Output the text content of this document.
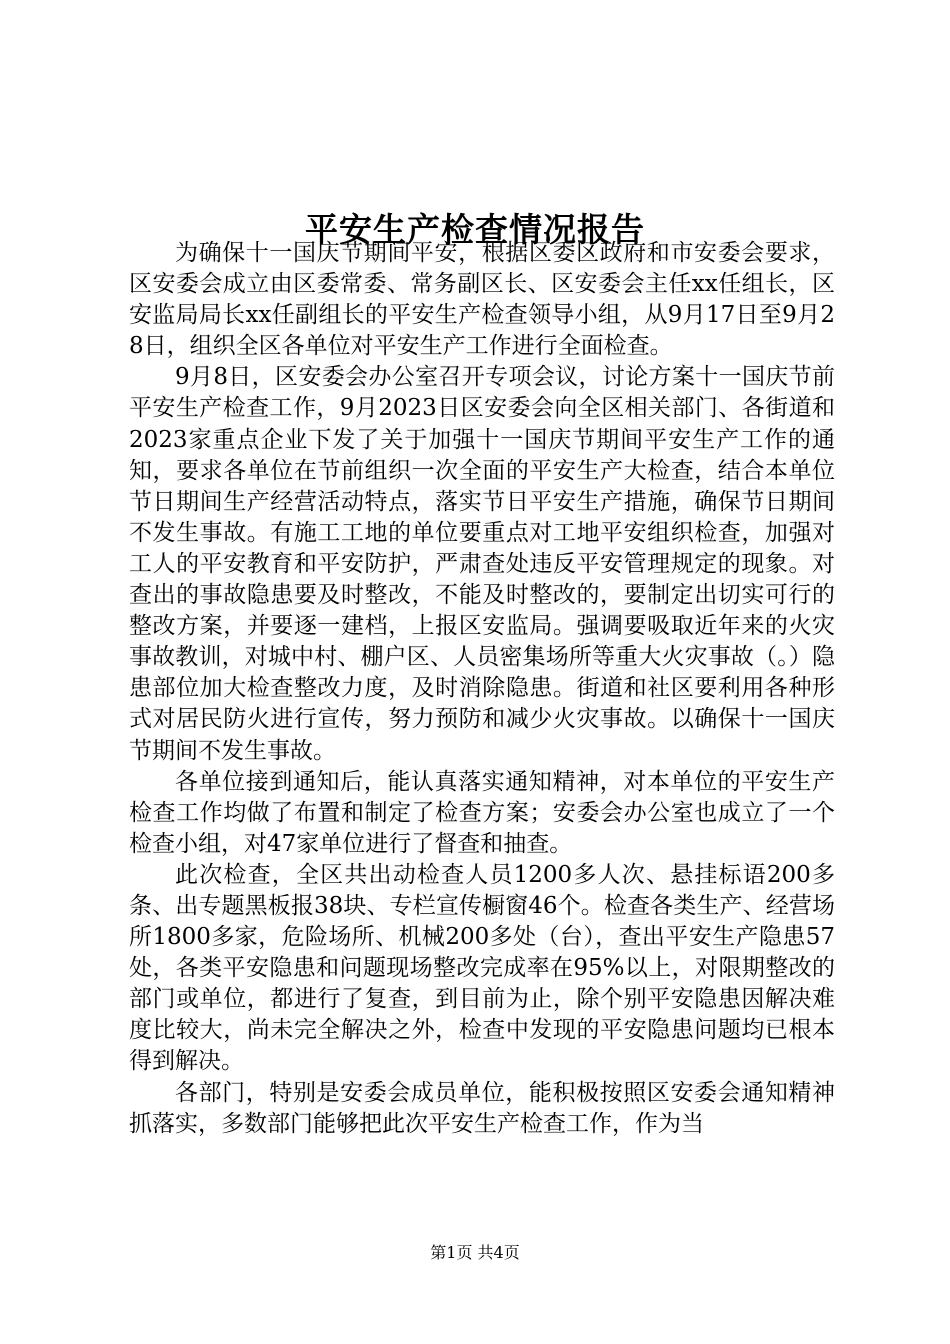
平安生产检查情况报告

为确保十一国庆节期间平安，根据区委区政府和市安委会要求，区安委会成立由区委常委、常务副区长、区安委会主任xx任组长，区安监局局长xx任副组长的平安生产检查领导小组，从9月17日至9月28日，组织全区各单位对平安生产工作进行全面检查。

9月8日，区安委会办公室召开专项会议，讨论方案十一国庆节前平安生产检查工作，9月2023日区安委会向全区相关部门、各街道和2023家重点企业下发了关于加强十一国庆节期间平安生产工作的通知，要求各单位在节前组织一次全面的平安生产大检查，结合本单位节日期间生产经营活动特点，落实节日平安生产措施，确保节日期间不发生事故。有施工工地的单位要重点对工地平安组织检查，加强对工人的平安教育和平安防护，严肃查处违反平安管理规定的现象。对查出的事故隐患要及时整改，不能及时整改的，要制定出切实可行的整改方案，并要逐一建档，上报区安监局。强调要吸取近年来的火灾事故教训，对城中村、棚户区、人员密集场所等重大火灾事故（。）隐患部位加大检查整改力度，及时消除隐患。街道和社区要利用各种形式对居民防火进行宣传，努力预防和减少火灾事故。以确保十一国庆节期间不发生事故。

各单位接到通知后，能认真落实通知精神，对本单位的平安生产检查工作均做了布置和制定了检查方案；安委会办公室也成立了一个检查小组，对47家单位进行了督查和抽查。

此次检查，全区共出动检查人员1200多人次、悬挂标语200多条、出专题黑板报38块、专栏宣传橱窗46个。检查各类生产、经营场所1800多家，危险场所、机械200多处（台），查出平安生产隐患57处，各类平安隐患和问题现场整改完成率在95%以上，对限期整改的部门或单位，都进行了复查，到目前为止，除个别平安隐患因解决难度比较大，尚未完全解决之外，检查中发现的平安隐患问题均已根本得到解决。

各部门，特别是安委会成员单位，能积极按照区安委会通知精神抓落实，多数部门能够把此次平安生产检查工作，作为当

第1页 共4页
